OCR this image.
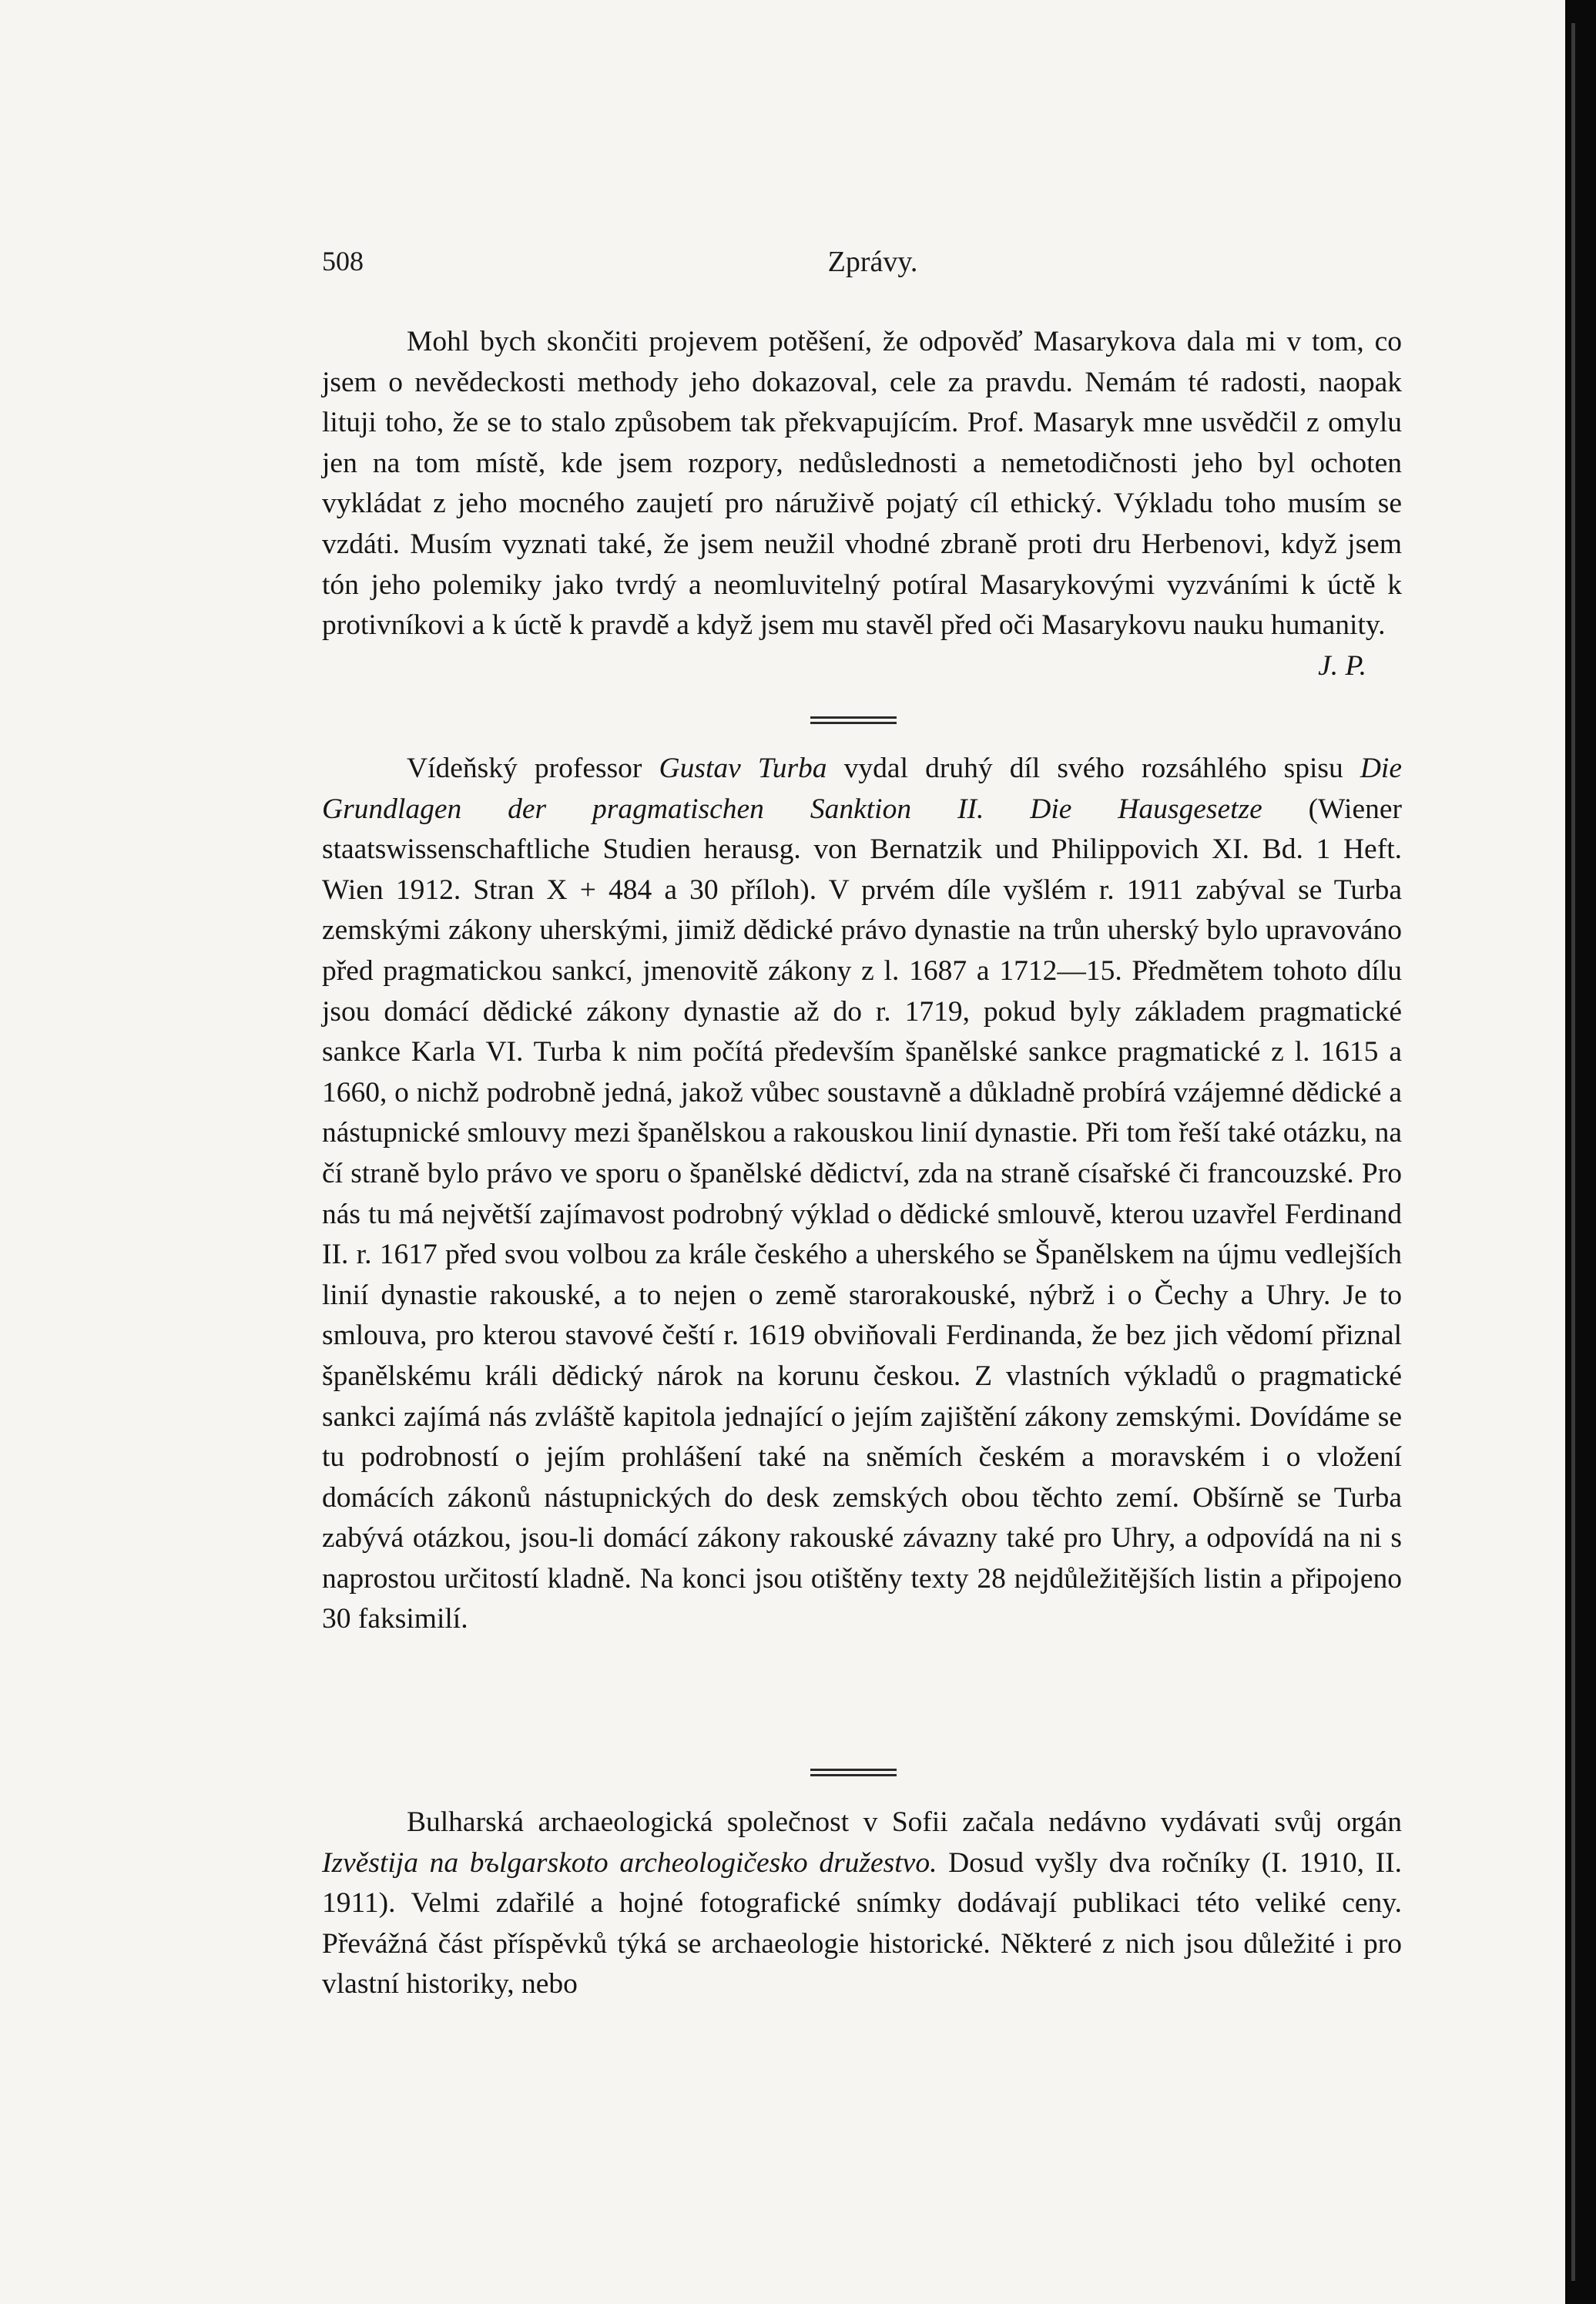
508	Zprávy.

Mohl bych skončiti projevem potěšení, že odpověď Masarykova dala mi v tom, co jsem o nevědeckosti methody jeho dokazoval, cele za pravdu. Nemám té radosti, naopak lituji toho, že se to stalo způsobem tak překvapujícím. Prof. Masaryk mne usvědčil z omylu jen na tom místě, kde jsem rozpory, nedůslednosti a nemetodičnosti jeho byl ochoten vykládat z jeho mocného zaujetí pro náruživě pojatý cíl ethický. Výkladu toho musím se vzdáti. Musím vyznati také, že jsem neužil vhodné zbraně proti dru Herbenovi, když jsem tón jeho polemiky jako tvrdý a neomluvitelný potíral Masarykovými vyzváními k úctě k protivníkovi a k úctě k pravdě a když jsem mu stavěl před oči Masarykovu nauku humanity.
J. P.

Vídeňský professor Gustav Turba vydal druhý díl svého rozsáhlého spisu Die Grundlagen der pragmatischen Sanktion II. Die Hausgesetze (Wiener staatswissenschaftliche Studien herausg. von Bernatzik und Philippovich XI. Bd. 1 Heft. Wien 1912. Stran X + 484 a 30 příloh). V prvém díle vyšlém r. 1911 zabýval se Turba zemskými zákony uherskými, jimiž dědické právo dynastie na trůn uherský bylo upravováno před pragmatickou sankcí, jmenovitě zákony z l. 1687 a 1712—15. Předmětem tohoto dílu jsou domácí dědické zákony dynastie až do r. 1719, pokud byly základem pragmatické sankce Karla VI. Turba k nim počítá především španělské sankce pragmatické z l. 1615 a 1660, o nichž podrobně jedná, jakož vůbec soustavně a důkladně probírá vzájemné dědické a nástupnické smlouvy mezi španělskou a rakouskou linií dynastie. Při tom řeší také otázku, na čí straně bylo právo ve sporu o španělské dědictví, zda na straně císařské či francouzské. Pro nás tu má největší zajímavost podrobný výklad o dědické smlouvě, kterou uzavřel Ferdinand II. r. 1617 před svou volbou za krále českého a uherského se Španělskem na újmu vedlejších linií dynastie rakouské, a to nejen o země starorakouské, nýbrž i o Čechy a Uhry. Je to smlouva, pro kterou stavové čeští r. 1619 obviňovali Ferdinanda, že bez jich vědomí přiznal španělskému králi dědický nárok na korunu českou. Z vlastních výkladů o pragmatické sankci zajímá nás zvláště kapitola jednající o jejím zajištění zákony zemskými. Dovídáme se tu podrobností o jejím prohlášení také na sněmích českém a moravském i o vložení domácích zákonů nástupnických do desk zemských obou těchto zemí. Obšírně se Turba zabývá otázkou, jsou-li domácí zákony rakouské závazny také pro Uhry, a odpovídá na ni s naprostou určitostí kladně. Na konci jsou otištěny texty 28 nejdůležitějších listin a připojeno 30 faksimilí.

Bulharská archaeologická společnost v Sofii začala nedávno vydávati svůj orgán Izvěstija na bъlgarskoto archeologičesko družestvo. Dosud vyšly dva ročníky (I. 1910, II. 1911). Velmi zdařilé a hojné fotografické snímky dodávají publikaci této veliké ceny. Převážná část příspěvků týká se archaeologie historické. Některé z nich jsou důležité i pro vlastní historiky, nebo
